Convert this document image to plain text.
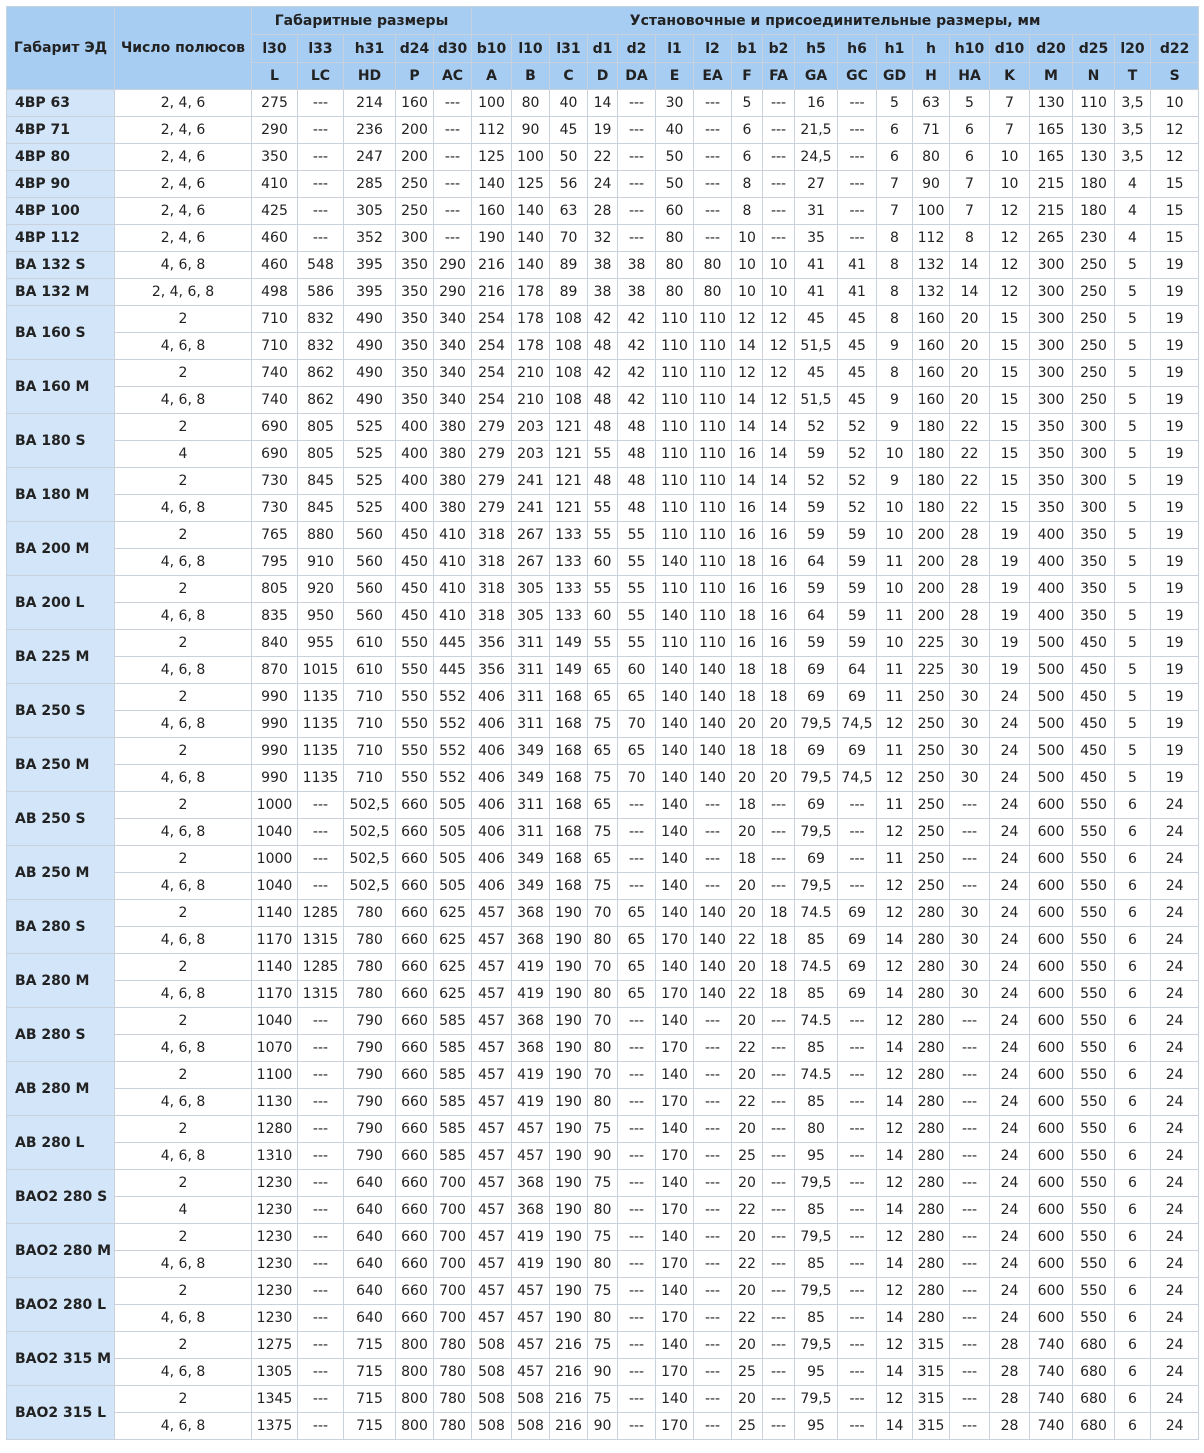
Габарит ЭД	Число полюсов	Габаритные размеры					Установочные и присоединительные размеры, мм																		
		l30	l33	h31	d24	d30	b10	l10	l31	d1	d2	l1	l2	b1	b2	h5	h6	h1	h	h10	d10	d20	d25	l20	d22
		L	LC	HD	P	AC	A	B	C	D	DA	E	EA	F	FA	GA	GC	GD	H	HA	K	M	N	T	S
4ВР 63	2, 4, 6	275	---	214	160	---	100	80	40	14	---	30	---	5	---	16	---	5	63	5	7	130	110	3,5	10
4ВР 71	2, 4, 6	290	---	236	200	---	112	90	45	19	---	40	---	6	---	21,5	---	6	71	6	7	165	130	3,5	12
4ВР 80	2, 4, 6	350	---	247	200	---	125	100	50	22	---	50	---	6	---	24,5	---	6	80	6	10	165	130	3,5	12
4ВР 90	2, 4, 6	410	---	285	250	---	140	125	56	24	---	50	---	8	---	27	---	7	90	7	10	215	180	4	15
4ВР 100	2, 4, 6	425	---	305	250	---	160	140	63	28	---	60	---	8	---	31	---	7	100	7	12	215	180	4	15
4ВР 112	2, 4, 6	460	---	352	300	---	190	140	70	32	---	80	---	10	---	35	---	8	112	8	12	265	230	4	15
ВА 132 S	4, 6, 8	460	548	395	350	290	216	140	89	38	38	80	80	10	10	41	41	8	132	14	12	300	250	5	19
ВА 132 M	2, 4, 6, 8	498	586	395	350	290	216	178	89	38	38	80	80	10	10	41	41	8	132	14	12	300	250	5	19
ВА 160 S	2	710	832	490	350	340	254	178	108	42	42	110	110	12	12	45	45	8	160	20	15	300	250	5	19
	4, 6, 8	710	832	490	350	340	254	178	108	48	42	110	110	14	12	51,5	45	9	160	20	15	300	250	5	19
ВА 160 M	2	740	862	490	350	340	254	210	108	42	42	110	110	12	12	45	45	8	160	20	15	300	250	5	19
	4, 6, 8	740	862	490	350	340	254	210	108	48	42	110	110	14	12	51,5	45	9	160	20	15	300	250	5	19
ВА 180 S	2	690	805	525	400	380	279	203	121	48	48	110	110	14	14	52	52	9	180	22	15	350	300	5	19
	4	690	805	525	400	380	279	203	121	55	48	110	110	16	14	59	52	10	180	22	15	350	300	5	19
ВА 180 M	2	730	845	525	400	380	279	241	121	48	48	110	110	14	14	52	52	9	180	22	15	350	300	5	19
	4, 6, 8	730	845	525	400	380	279	241	121	55	48	110	110	16	14	59	52	10	180	22	15	350	300	5	19
ВА 200 M	2	765	880	560	450	410	318	267	133	55	55	110	110	16	16	59	59	10	200	28	19	400	350	5	19
	4, 6, 8	795	910	560	450	410	318	267	133	60	55	140	110	18	16	64	59	11	200	28	19	400	350	5	19
ВА 200 L	2	805	920	560	450	410	318	305	133	55	55	110	110	16	16	59	59	10	200	28	19	400	350	5	19
	4, 6, 8	835	950	560	450	410	318	305	133	60	55	140	110	18	16	64	59	11	200	28	19	400	350	5	19
ВА 225 M	2	840	955	610	550	445	356	311	149	55	55	110	110	16	16	59	59	10	225	30	19	500	450	5	19
	4, 6, 8	870	1015	610	550	445	356	311	149	65	60	140	140	18	18	69	64	11	225	30	19	500	450	5	19
ВА 250 S	2	990	1135	710	550	552	406	311	168	65	65	140	140	18	18	69	69	11	250	30	24	500	450	5	19
	4, 6, 8	990	1135	710	550	552	406	311	168	75	70	140	140	20	20	79,5	74,5	12	250	30	24	500	450	5	19
ВА 250 M	2	990	1135	710	550	552	406	349	168	65	65	140	140	18	18	69	69	11	250	30	24	500	450	5	19
	4, 6, 8	990	1135	710	550	552	406	349	168	75	70	140	140	20	20	79,5	74,5	12	250	30	24	500	450	5	19
АВ 250 S	2	1000	---	502,5	660	505	406	311	168	65	---	140	---	18	---	69	---	11	250	---	24	600	550	6	24
	4, 6, 8	1040	---	502,5	660	505	406	311	168	75	---	140	---	20	---	79,5	---	12	250	---	24	600	550	6	24
АВ 250 M	2	1000	---	502,5	660	505	406	349	168	65	---	140	---	18	---	69	---	11	250	---	24	600	550	6	24
	4, 6, 8	1040	---	502,5	660	505	406	349	168	75	---	140	---	20	---	79,5	---	12	250	---	24	600	550	6	24
ВА 280 S	2	1140	1285	780	660	625	457	368	190	70	65	140	140	20	18	74.5	69	12	280	30	24	600	550	6	24
	4, 6, 8	1170	1315	780	660	625	457	368	190	80	65	170	140	22	18	85	69	14	280	30	24	600	550	6	24
ВА 280 M	2	1140	1285	780	660	625	457	419	190	70	65	140	140	20	18	74.5	69	12	280	30	24	600	550	6	24
	4, 6, 8	1170	1315	780	660	625	457	419	190	80	65	170	140	22	18	85	69	14	280	30	24	600	550	6	24
АВ 280 S	2	1040	---	790	660	585	457	368	190	70	---	140	---	20	---	74.5	---	12	280	---	24	600	550	6	24
	4, 6, 8	1070	---	790	660	585	457	368	190	80	---	170	---	22	---	85	---	14	280	---	24	600	550	6	24
АВ 280 M	2	1100	---	790	660	585	457	419	190	70	---	140	---	20	---	74.5	---	12	280	---	24	600	550	6	24
	4, 6, 8	1130	---	790	660	585	457	419	190	80	---	170	---	22	---	85	---	14	280	---	24	600	550	6	24
АВ 280 L	2	1280	---	790	660	585	457	457	190	75	---	140	---	20	---	80	---	12	280	---	24	600	550	6	24
	4, 6, 8	1310	---	790	660	585	457	457	190	90	---	170	---	25	---	95	---	14	280	---	24	600	550	6	24
ВАО2 280 S	2	1230	---	640	660	700	457	368	190	75	---	140	---	20	---	79,5	---	12	280	---	24	600	550	6	24
	4	1230	---	640	660	700	457	368	190	80	---	170	---	22	---	85	---	14	280	---	24	600	550	6	24
ВАО2 280 M	2	1230	---	640	660	700	457	419	190	75	---	140	---	20	---	79,5	---	12	280	---	24	600	550	6	24
	4, 6, 8	1230	---	640	660	700	457	419	190	80	---	170	---	22	---	85	---	14	280	---	24	600	550	6	24
ВАО2 280 L	2	1230	---	640	660	700	457	457	190	75	---	140	---	20	---	79,5	---	12	280	---	24	600	550	6	24
	4, 6, 8	1230	---	640	660	700	457	457	190	80	---	170	---	22	---	85	---	14	280	---	24	600	550	6	24
ВАО2 315 M	2	1275	---	715	800	780	508	457	216	75	---	140	---	20	---	79,5	---	12	315	---	28	740	680	6	24
	4, 6, 8	1305	---	715	800	780	508	457	216	90	---	170	---	25	---	95	---	14	315	---	28	740	680	6	24
ВАО2 315 L	2	1345	---	715	800	780	508	508	216	75	---	140	---	20	---	79,5	---	12	315	---	28	740	680	6	24
	4, 6, 8	1375	---	715	800	780	508	508	216	90	---	170	---	25	---	95	---	14	315	---	28	740	680	6	24
